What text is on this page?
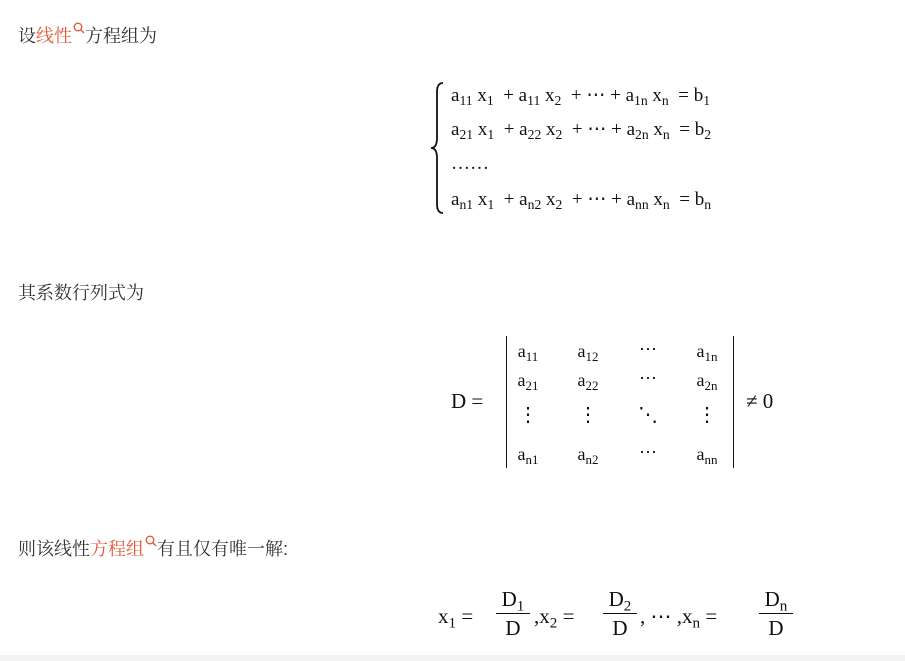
设线性 方程组为
$a_{11}$ $x_1 + a_{11}$ $x_2$ + ⋯ + $a_{1n}$ $x_n = b_1$
$a_{21}$ $x_1 + a_{22}$ $x_2$ + ⋯ + $a_{2n}$ $x_n = b_2$
……
$a_{n1}$ $x_1 + a_{n2}$ $x_2$ + ⋯ + $a_{nn}$ $x_n = b_n$
其系数行列式为
D =
$a_{11}$	$a_{12}$	⋯	$a_{1n}$
$a_{21}$	$a_{22}$	⋯	$a_{2n}$
⋮	⋮	⋱	⋮
$a_{n1}$	$a_{n2}$	⋯	$a_{nn}$
≠ 0
则该线性方程组 有且仅有唯一解:
$x_1$ =
$D_1$
D $,x_2$ =
$D_2$
D , ⋯ $,x_n$ =
$D_n$
D
